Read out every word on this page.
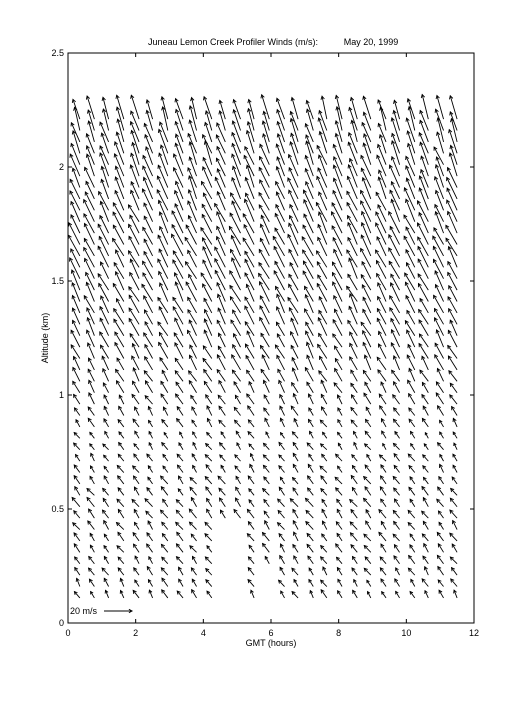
Juneau Lemon Creek Profiler Winds (m/s):	May 20, 1999
0	2	4	6	8	10	12
0
0.5
1
1.5
2
2.5
GMT (hours)
Altitude (km)
20 m/s
